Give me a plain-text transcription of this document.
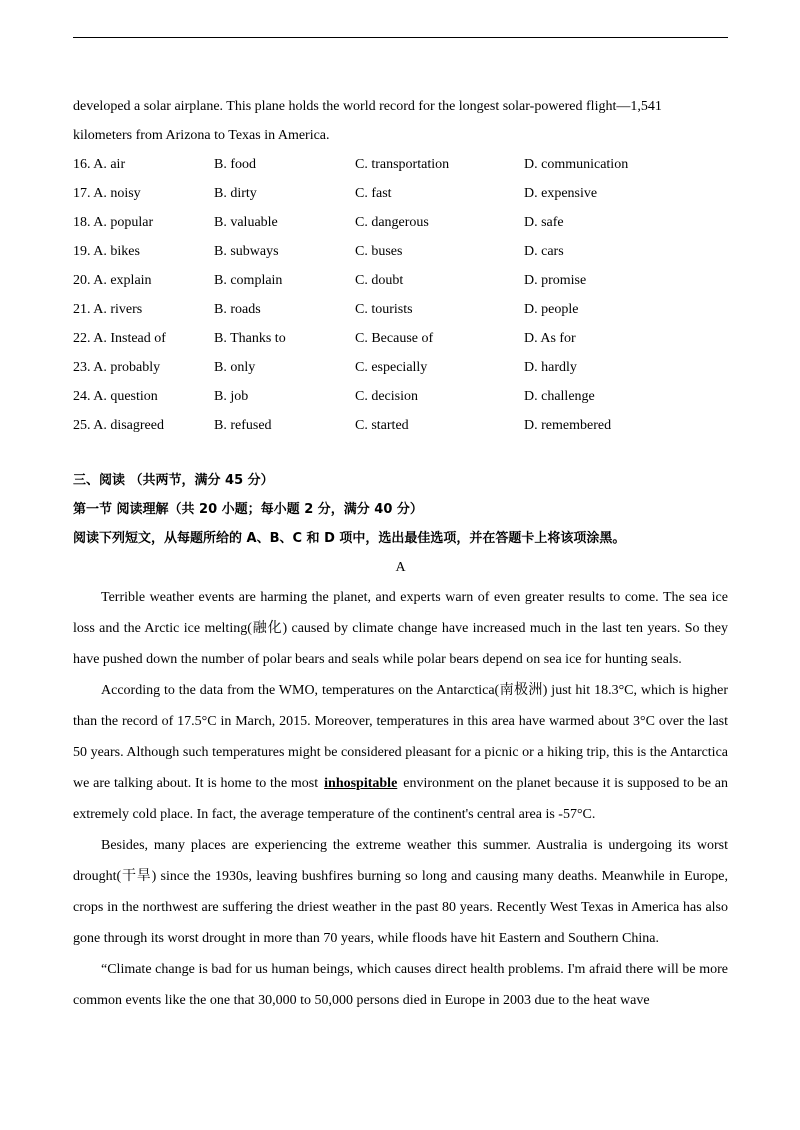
developed a solar airplane. This plane holds the world record for the longest solar-powered flight—1,541
kilometers from Arizona to Texas in America.
16. A. air	B. food	C. transportation	D. communication
17. A. noisy	B. dirty	C. fast	D. expensive
18. A. popular	B. valuable	C. dangerous	D. safe
19. A. bikes	B. subways	C. buses	D. cars
20. A. explain	B. complain	C. doubt	D. promise
21. A. rivers	B. roads	C. tourists	D. people
22. A. Instead of	B. Thanks to	C. Because of	D. As for
23. A. probably	B. only	C. especially	D. hardly
24. A. question	B. job	C. decision	D. challenge
25. A. disagreed	B. refused	C. started	D. remembered
三、阅读 （共两节，满分 45 分）
第一节 阅读理解（共 20 小题；每小题 2 分，满分 40 分）
阅读下列短文，从每题所给的 A、B、C 和 D 项中，选出最佳选项，并在答题卡上将该项涂黑。
A

Terrible weather events are harming the planet, and experts warn of even greater results to come. The sea ice loss and the Arctic ice melting(融化) caused by climate change have increased much in the last ten years. So they have pushed down the number of polar bears and seals while polar bears depend on sea ice for hunting seals.

According to the data from the WMO, temperatures on the Antarctica(南极洲) just hit 18.3°C, which is higher than the record of 17.5°C in March, 2015. Moreover, temperatures in this area have warmed about 3°C over the last 50 years. Although such temperatures might be considered pleasant for a picnic or a hiking trip, this is the Antarctica we are talking about. It is home to the most inhospitable environment on the planet because it is supposed to be an extremely cold place. In fact, the average temperature of the continent's central area is -57°C.

Besides, many places are experiencing the extreme weather this summer. Australia is undergoing its worst drought(干旱) since the 1930s, leaving bushfires burning so long and causing many deaths. Meanwhile in Europe, crops in the northwest are suffering the driest weather in the past 80 years. Recently West Texas in America has also gone through its worst drought in more than 70 years, while floods have hit Eastern and Southern China.

“Climate change is bad for us human beings, which causes direct health problems. I'm afraid there will be more common events like the one that 30,000 to 50,000 persons died in Europe in 2003 due to the heat wave
